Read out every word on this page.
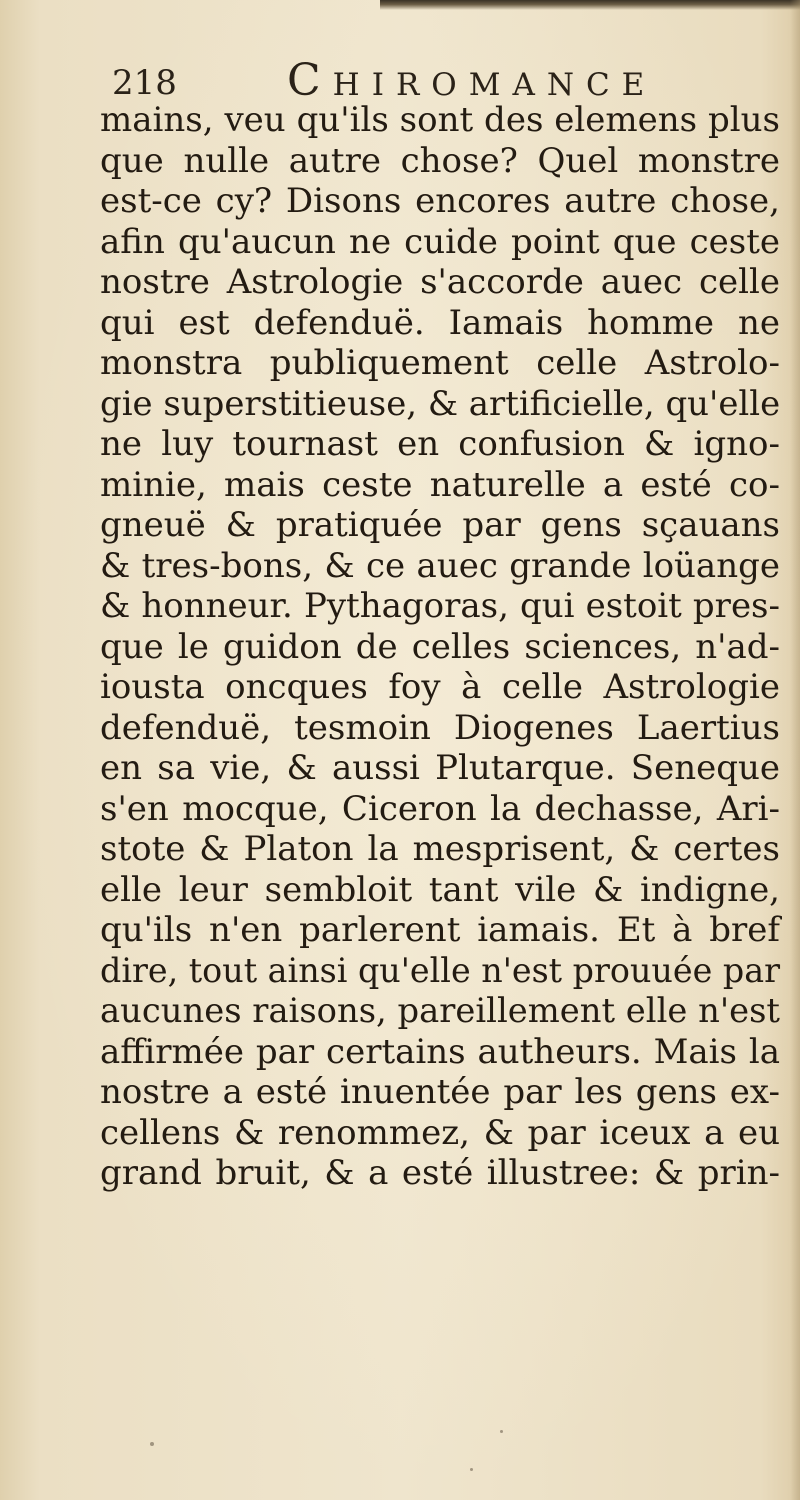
218	Chiromance
mains, veu qu'ils sont des elemens plus
que nulle autre chose? Quel monstre
est-ce cy? Disons encores autre chose,
afin qu'aucun ne cuide point que ceste
nostre Astrologie s'accorde auec celle
qui est defenduë. Iamais homme ne
monstra publiquement celle Astrolo-
gie superstitieuse, & artificielle, qu'elle
ne luy tournast en confusion & igno-
minie, mais ceste naturelle a esté co-
gneuë & pratiquée par gens sçauans
& tres-bons, & ce auec grande loüange
& honneur. Pythagoras, qui estoit pres-
que le guidon de celles sciences, n'ad-
iousta oncques foy à celle Astrologie
defenduë, tesmoin Diogenes Laertius
en sa vie, & aussi Plutarque. Seneque
s'en mocque, Ciceron la dechasse, Ari-
stote & Platon la mesprisent, & certes
elle leur sembloit tant vile & indigne,
qu'ils n'en parlerent iamais. Et à bref
dire, tout ainsi qu'elle n'est prouuée par
aucunes raisons, pareillement elle n'est
affirmée par certains autheurs. Mais la
nostre a esté inuentée par les gens ex-
cellens & renommez, & par iceux a eu
grand bruit, & a esté illustree: & prin-
